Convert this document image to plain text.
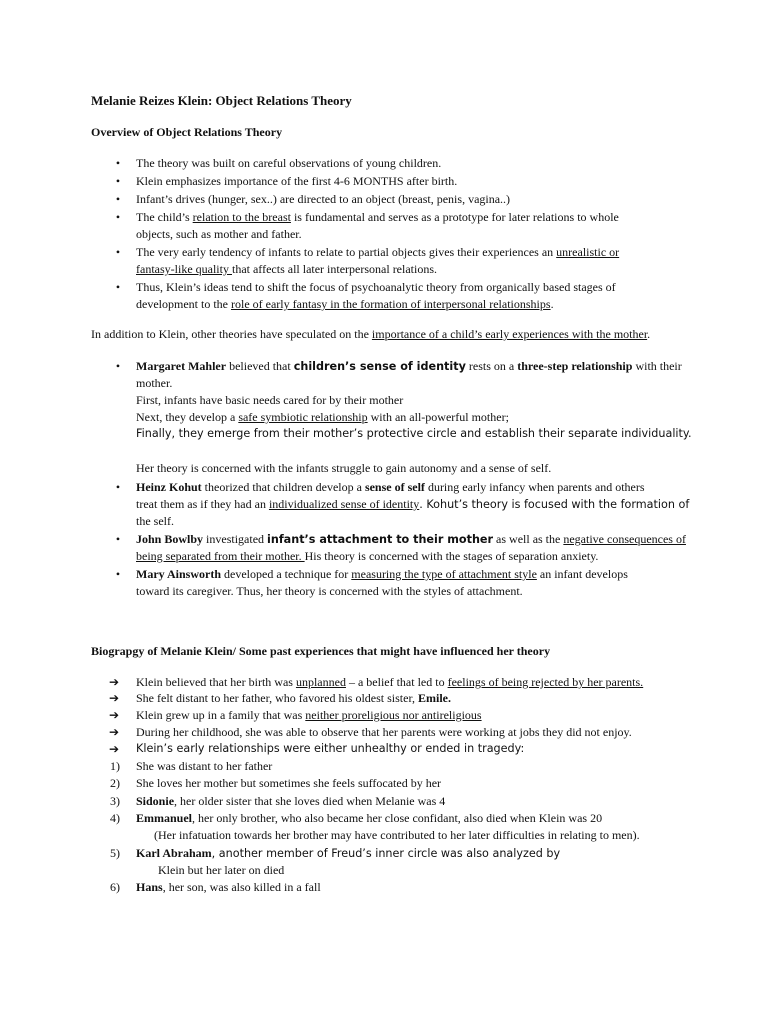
Melanie Reizes Klein: Object Relations Theory
Overview of Object Relations Theory
• The theory was built on careful observations of young children.
• Klein emphasizes importance of the first 4-6 MONTHS after birth.
• Infant’s drives (hunger, sex..) are directed to an object (breast, penis, vagina..)
• The child’s relation to the breast is fundamental and serves as a prototype for later relations to whole
objects, such as mother and father.
• The very early tendency of infants to relate to partial objects gives their experiences an unrealistic or
fantasy-like quality that affects all later interpersonal relations.
• Thus, Klein’s ideas tend to shift the focus of psychoanalytic theory from organically based stages of
development to the role of early fantasy in the formation of interpersonal relationships.
In addition to Klein, other theories have speculated on the importance of a child’s early experiences with the mother.
• Margaret Mahler believed that children’s sense of identity rests on a three-step relationship with their
mother.
First, infants have basic needs cared for by their mother
Next, they develop a safe symbiotic relationship with an all-powerful mother;
Finally, they emerge from their mother’s protective circle and establish their separate individuality.
Her theory is concerned with the infants struggle to gain autonomy and a sense of self.
• Heinz Kohut theorized that children develop a sense of self during early infancy when parents and others
treat them as if they had an individualized sense of identity. Kohut’s theory is focused with the formation of
the self.
• John Bowlby investigated infant’s attachment to their mother as well as the negative consequences of
being separated from their mother. His theory is concerned with the stages of separation anxiety.
• Mary Ainsworth developed a technique for measuring the type of attachment style an infant develops
toward its caregiver. Thus, her theory is concerned with the styles of attachment.
Biograpgy of Melanie Klein/ Some past experiences that might have influenced her theory
➔ Klein believed that her birth was unplanned – a belief that led to feelings of being rejected by her parents.
➔ She felt distant to her father, who favored his oldest sister, Emile.
➔ Klein grew up in a family that was neither proreligious nor antireligious
➔ During her childhood, she was able to observe that her parents were working at jobs they did not enjoy.
➔ Klein’s early relationships were either unhealthy or ended in tragedy:
1) She was distant to her father
2) She loves her mother but sometimes she feels suffocated by her
3) Sidonie, her older sister that she loves died when Melanie was 4
4) Emmanuel, her only brother, who also became her close confidant, also died when Klein was 20
(Her infatuation towards her brother may have contributed to her later difficulties in relating to men).
5) Karl Abraham, another member of Freud’s inner circle was also analyzed by
Klein but her later on died
6) Hans, her son, was also killed in a fall
